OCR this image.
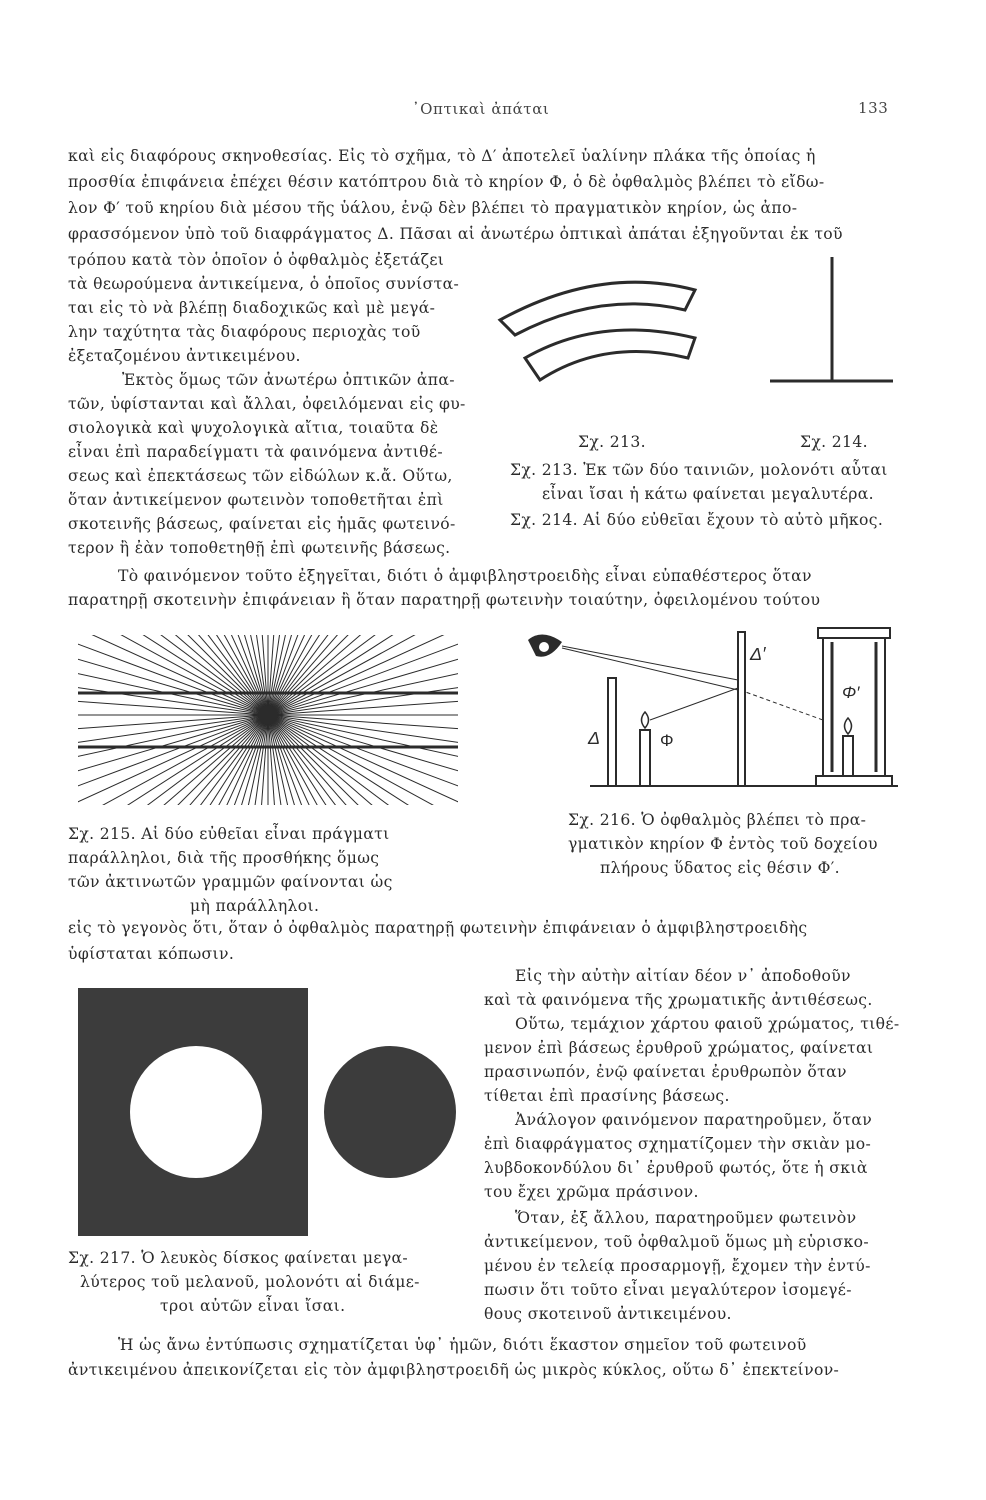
᾽Οπτικαὶ ἀπάται	133
καὶ εἰς διαφόρους σκηνοθεσίας. Εἰς τὸ σχῆμα, τὸ Δ′ ἀποτελεῖ ὑαλίνην πλάκα τῆς ὁποίας ἡ
προσθία ἐπιφάνεια ἐπέχει θέσιν κατόπτρου διὰ τὸ κηρίον Φ, ὁ δὲ ὀφθαλμὸς βλέπει τὸ εἴδω-
λον Φ′ τοῦ κηρίου διὰ μέσου τῆς ὑάλου, ἐνῷ δὲν βλέπει τὸ πραγματικὸν κηρίον, ὡς ἀπο-
φρασσόμενον ὑπὸ τοῦ διαφράγματος Δ. Πᾶσαι αἱ ἀνωτέρω ὀπτικαὶ ἀπάται ἐξηγοῦνται ἐκ τοῦ
τρόπου κατὰ τὸν ὁποῖον ὁ ὀφθαλμὸς ἐξετάζει
τὰ θεωρούμενα ἀντικείμενα, ὁ ὁποῖος συνίστα-
ται εἰς τὸ νὰ βλέπῃ διαδοχικῶς καὶ μὲ μεγά-
λην ταχύτητα τὰς διαφόρους περιοχὰς τοῦ
ἐξεταζομένου ἀντικειμένου.
Ἐκτὸς ὅμως τῶν ἀνωτέρω ὀπτικῶν ἀπα-
τῶν, ὑφίστανται καὶ ἄλλαι, ὀφειλόμεναι εἰς φυ-
σιολογικὰ καὶ ψυχολογικὰ αἴτια, τοιαῦτα δὲ
εἶναι ἐπὶ παραδείγματι τὰ φαινόμενα ἀντιθέ-
σεως καὶ ἐπεκτάσεως τῶν εἰδώλων κ.ἄ. Οὕτω,
ὅταν ἀντικείμενον φωτεινὸν τοποθετῆται ἐπὶ
σκοτεινῆς βάσεως, φαίνεται εἰς ἡμᾶς φωτεινό-
τερον ἢ ἐὰν τοποθετηθῇ ἐπὶ φωτεινῆς βάσεως.
Σχ. 213.	Σχ. 214.
Σχ. 213. Ἐκ τῶν δύο ταινιῶν, μολονότι αὗται
εἶναι ἴσαι ἡ κάτω φαίνεται μεγαλυτέρα.
Σχ. 214. Αἱ δύο εὐθεῖαι ἔχουν τὸ αὐτὸ μῆκος.
Τὸ φαινόμενον τοῦτο ἐξηγεῖται, διότι ὁ ἀμφιβληστροειδὴς εἶναι εὐπαθέστερος ὅταν
παρατηρῇ σκοτεινὴν ἐπιφάνειαν ἢ ὅταν παρατηρῇ φωτεινὴν τοιαύτην, ὀφειλομένου τούτου
Δ′
Δ	Φ
Φ′
Σχ. 216. Ὁ ὀφθαλμὸς βλέπει τὸ πρα-
γματικὸν κηρίον Φ ἐντὸς τοῦ δοχείου
πλήρους ὕδατος εἰς θέσιν Φ′.
Σχ. 215. Αἱ δύο εὐθεῖαι εἶναι πράγματι
παράλληλοι, διὰ τῆς προσθήκης ὅμως
τῶν ἀκτινωτῶν γραμμῶν φαίνονται ὡς
μὴ παράλληλοι.
εἰς τὸ γεγονὸς ὅτι, ὅταν ὁ ὀφθαλμὸς παρατηρῇ φωτεινὴν ἐπιφάνειαν ὁ ἀμφιβληστροειδὴς
ὑφίσταται κόπωσιν.
Σχ. 217. Ὁ λευκὸς δίσκος φαίνεται μεγα-
λύτερος τοῦ μελανοῦ, μολονότι αἱ διάμε-
τροι αὐτῶν εἶναι ἴσαι.
Εἰς τὴν αὐτὴν αἰτίαν δέον ν᾽ ἀποδοθοῦν
καὶ τὰ φαινόμενα τῆς χρωματικῆς ἀντιθέσεως.
Οὕτω, τεμάχιον χάρτου φαιοῦ χρώματος, τιθέ-
μενον ἐπὶ βάσεως ἐρυθροῦ χρώματος, φαίνεται
πρασινωπόν, ἐνῷ φαίνεται ἐρυθρωπὸν ὅταν
τίθεται ἐπὶ πρασίνης βάσεως.
Ἀνάλογον φαινόμενον παρατηροῦμεν, ὅταν
ἐπὶ διαφράγματος σχηματίζομεν τὴν σκιὰν μο-
λυβδοκονδύλου δι᾽ ἐρυθροῦ φωτός, ὅτε ἡ σκιὰ
του ἔχει χρῶμα πράσινον.
Ὅταν, ἐξ ἄλλου, παρατηροῦμεν φωτεινὸν
ἀντικείμενον, τοῦ ὀφθαλμοῦ ὅμως μὴ εὑρισκο-
μένου ἐν τελείᾳ προσαρμογῇ, ἔχομεν τὴν ἐντύ-
πωσιν ὅτι τοῦτο εἶναι μεγαλύτερον ἰσομεγέ-
θους σκοτεινοῦ ἀντικειμένου.
Ἡ ὡς ἄνω ἐντύπωσις σχηματίζεται ὑφ᾽ ἡμῶν, διότι ἕκαστον σημεῖον τοῦ φωτεινοῦ
ἀντικειμένου ἀπεικονίζεται εἰς τὸν ἀμφιβληστροειδῆ ὡς μικρὸς κύκλος, οὕτω δ᾽ ἐπεκτείνον-
